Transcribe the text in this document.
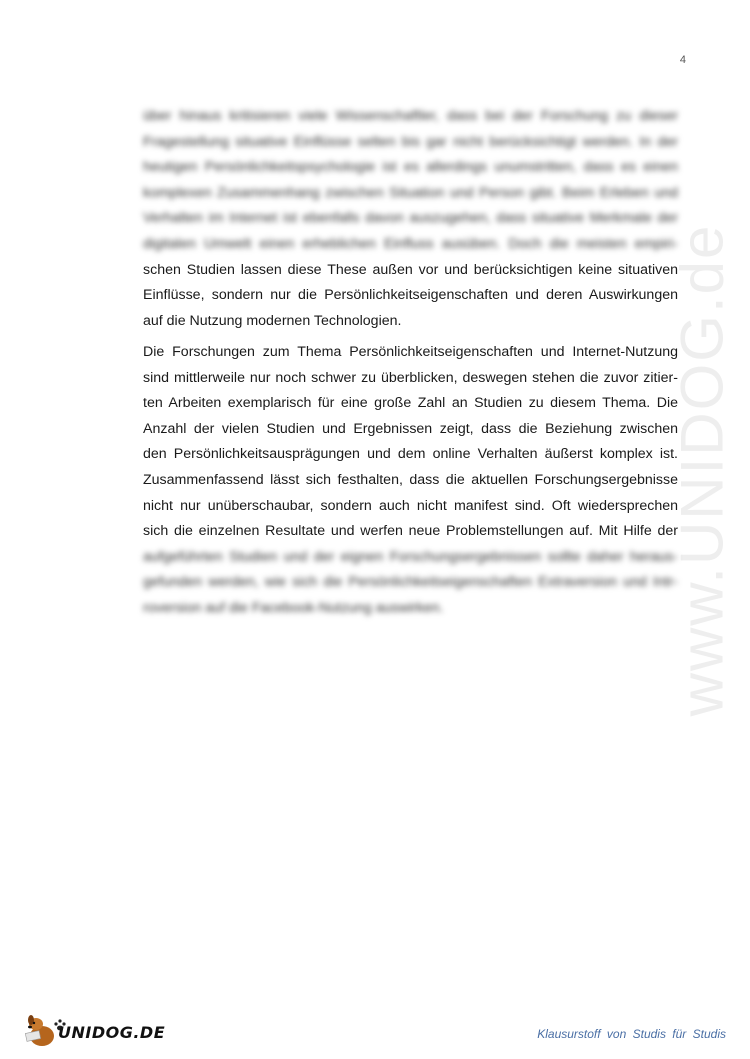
4
www.UNIDOG.de
über hinaus kritisieren viele Wissenschaftler, dass bei der Forschung zu dieser
Fragestellung situative Einflüsse selten bis gar nicht berücksichtigt werden. In der
heutigen Persönlichkeitspsychologie ist es allerdings unumstritten, dass es einen
komplexen Zusammenhang zwischen Situation und Person gibt. Beim Erleben und
Verhalten im Internet ist ebenfalls davon auszugehen, dass situative Merkmale der
digitalen Umwelt einen erheblichen Einfluss ausüben. Doch die meisten empiri-
schen Studien lassen diese These außen vor und berücksichtigen keine situativen
Einflüsse, sondern nur die Persönlichkeitseigenschaften und deren Auswirkungen
auf die Nutzung modernen Technologien.
Die Forschungen zum Thema Persönlichkeitseigenschaften und Internet-Nutzung
sind mittlerweile nur noch schwer zu überblicken, deswegen stehen die zuvor zitier-
ten Arbeiten exemplarisch für eine große Zahl an Studien zu diesem Thema. Die
Anzahl der vielen Studien und Ergebnissen zeigt, dass die Beziehung zwischen
den Persönlichkeitsausprägungen und dem online Verhalten äußerst komplex ist.
Zusammenfassend lässt sich festhalten, dass die aktuellen Forschungsergebnisse
nicht nur unüberschaubar, sondern auch nicht manifest sind. Oft wiedersprechen
sich die einzelnen Resultate und werfen neue Problemstellungen auf. Mit Hilfe der
aufgeführten Studien und der eignen Forschungsergebnissen sollte daher heraus-
gefunden werden, wie sich die Persönlichkeitseigenschaften Extraversion und Intr-
roversion auf die Facebook-Nutzung auswirken.
UNIDOG.DE	Klausurstoff von Studis für Studis
